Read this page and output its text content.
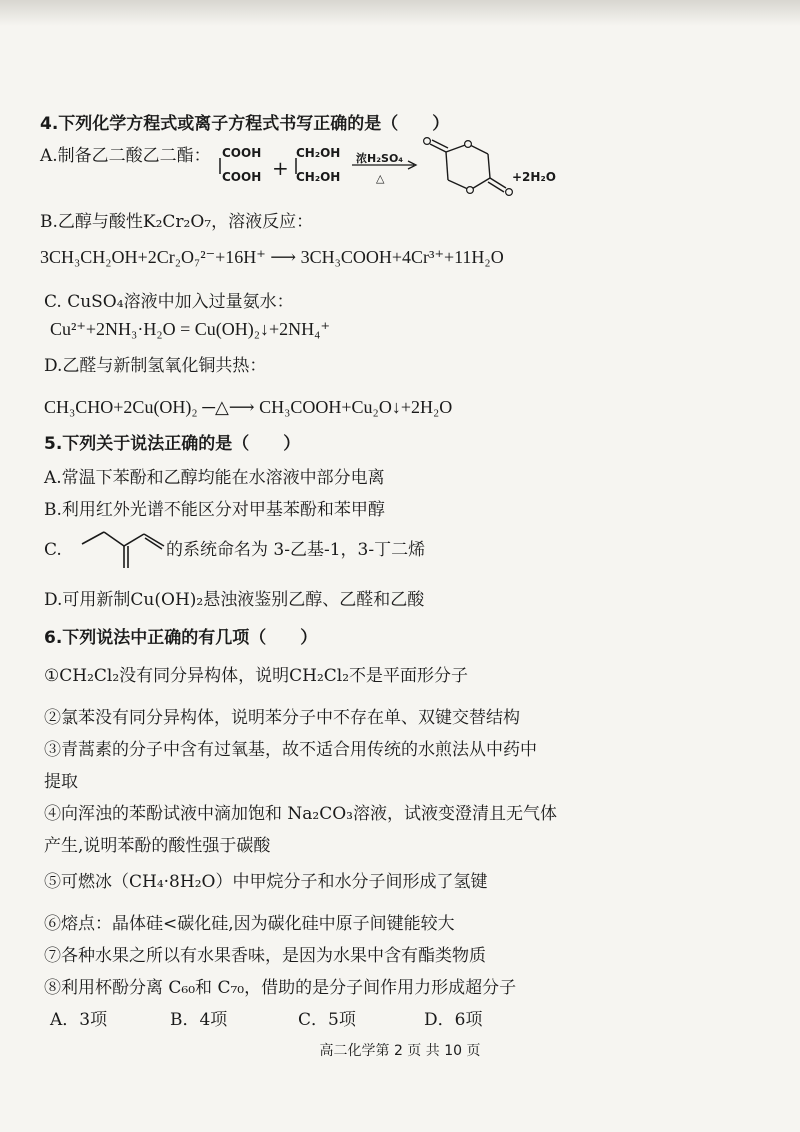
4.下列化学方程式或离子方程式书写正确的是（　　）
A.制备乙二酸乙二酯： COOH
COOH +
CH₂OH
CH₂OH
浓H₂SO₄
△	+2H₂O
B.乙醇与酸性K₂Cr₂O₇，溶液反应：
3CH₃CH₂OH+2Cr₂O₇²⁻+16H⁺ ⟶ 3CH₃COOH+4Cr³⁺+11H₂O
C. CuSO₄溶液中加入过量氨水：
Cu²⁺+2NH₃·H₂O = Cu(OH)₂↓+2NH₄⁺
D.乙醛与新制氢氧化铜共热：
CH₃CHO+2Cu(OH)₂ ─△⟶ CH₃COOH+Cu₂O↓+2H₂O
5.下列关于说法正确的是（　　）
A.常温下苯酚和乙醇均能在水溶液中部分电离
B.利用红外光谱不能区分对甲基苯酚和苯甲醇
C.	的系统命名为 3-乙基-1，3-丁二烯
D.可用新制Cu(OH)₂悬浊液鉴别乙醇、乙醛和乙酸
6.下列说法中正确的有几项（　　）
①CH₂Cl₂没有同分异构体，说明CH₂Cl₂不是平面形分子
②氯苯没有同分异构体，说明苯分子中不存在单、双键交替结构
③青蒿素的分子中含有过氧基，故不适合用传统的水煎法从中药中
提取
④向浑浊的苯酚试液中滴加饱和 Na₂CO₃溶液，试液变澄清且无气体
产生,说明苯酚的酸性强于碳酸
⑤可燃冰（CH₄·8H₂O）中甲烷分子和水分子间形成了氢键
⑥熔点：晶体硅<碳化硅,因为碳化硅中原子间键能较大
⑦各种水果之所以有水果香味，是因为水果中含有酯类物质
⑧利用杯酚分离 C₆₀和 C₇₀，借助的是分子间作用力形成超分子
A．3项	B．4项	C．5项	D．6项
高二化学第 2 页 共 10 页
